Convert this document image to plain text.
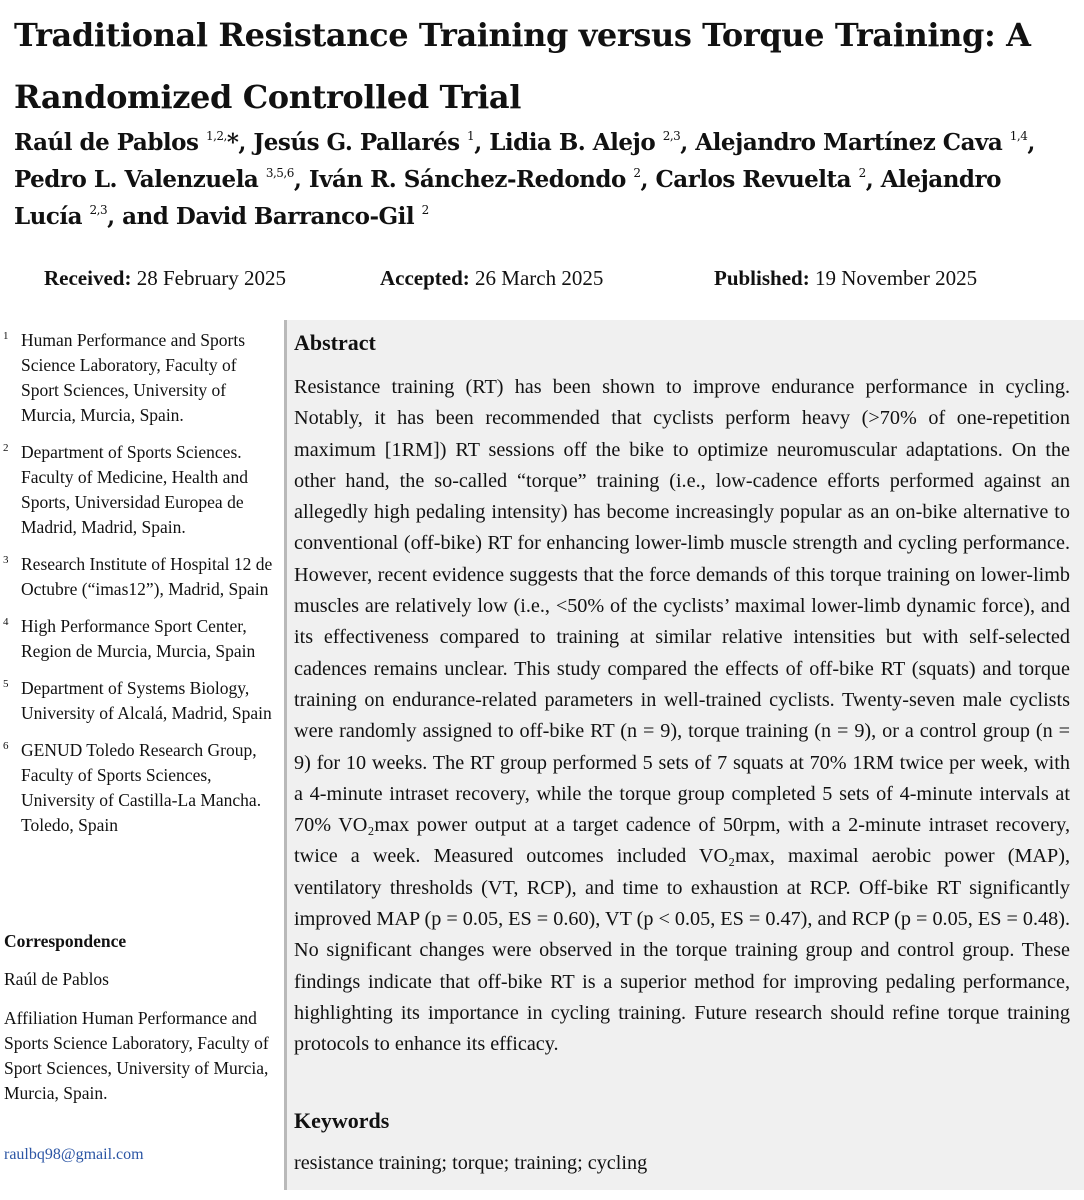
Traditional Resistance Training versus Torque Training: A Randomized Controlled Trial
Raúl de Pablos $^{1,2,}$*, Jesús G. Pallarés $^1$, Lidia B. Alejo $^{2,3}$, Alejandro Martínez Cava $^{1,4}$, Pedro L. Valenzuela $^{3,5,6}$, Iván R. Sánchez-Redondo $^2$, Carlos Revuelta $^2$, Alejandro Lucía $^{2,3}$, and David Barranco-Gil $^2$
Received: 28 February 2025	Accepted: 26 March 2025	Published: 19 November 2025
1 Human Performance and Sports Science Laboratory, Faculty of Sport Sciences, University of Murcia, Murcia, Spain.
2 Department of Sports Sciences. Faculty of Medicine, Health and Sports, Universidad Europea de Madrid, Madrid, Spain.
3 Research Institute of Hospital 12 de Octubre (“imas12”), Madrid, Spain
4 High Performance Sport Center, Region de Murcia, Murcia, Spain
5 Department of Systems Biology, University of Alcalá, Madrid, Spain
6 GENUD Toledo Research Group, Faculty of Sports Sciences, University of Castilla-La Mancha. Toledo, Spain
Correspondence
Raúl de Pablos
Affiliation Human Performance and Sports Science Laboratory, Faculty of Sport Sciences, University of Murcia, Murcia, Spain.
raulbq98@gmail.com
Abstract

Resistance training (RT) has been shown to improve endurance performance in cycling. Notably, it has been recommended that cyclists perform heavy (>70% of one-repetition maximum [1RM]) RT sessions off the bike to optimize neuromuscular adaptations. On the other hand, the so-called “torque” training (i.e., low-cadence efforts performed against an allegedly high pedaling intensity) has become increasingly popular as an on-bike alternative to conventional (off-bike) RT for enhancing lower-limb muscle strength and cycling performance. However, recent evidence suggests that the force demands of this torque training on lower-limb muscles are relatively low (i.e., <50% of the cyclists’ maximal lower-limb dynamic force), and its effectiveness compared to training at similar relative intensities but with self-selected cadences remains unclear. This study compared the effects of off-bike RT (squats) and torque training on endurance-related parameters in well-trained cyclists. Twenty-seven male cyclists were randomly assigned to off-bike RT (n = 9), torque training (n = 9), or a control group (n = 9) for 10 weeks. The RT group performed 5 sets of 7 squats at 70% 1RM twice per week, with a 4-minute intraset recovery, while the torque group completed 5 sets of 4-minute intervals at 70% VO₂max power output at a target cadence of 50rpm, with a 2-minute intraset recovery, twice a week. Measured outcomes included VO₂max, maximal aerobic power (MAP), ventilatory thresholds (VT, RCP), and time to exhaustion at RCP. Off-bike RT significantly improved MAP (p = 0.05, ES = 0.60), VT (p < 0.05, ES = 0.47), and RCP (p = 0.05, ES = 0.48). No significant changes were observed in the torque training group and control group. These findings indicate that off-bike RT is a superior method for improving pedaling performance, highlighting its importance in cycling training. Future research should refine torque training protocols to enhance its efficacy.

Keywords
resistance training; torque; training; cycling
